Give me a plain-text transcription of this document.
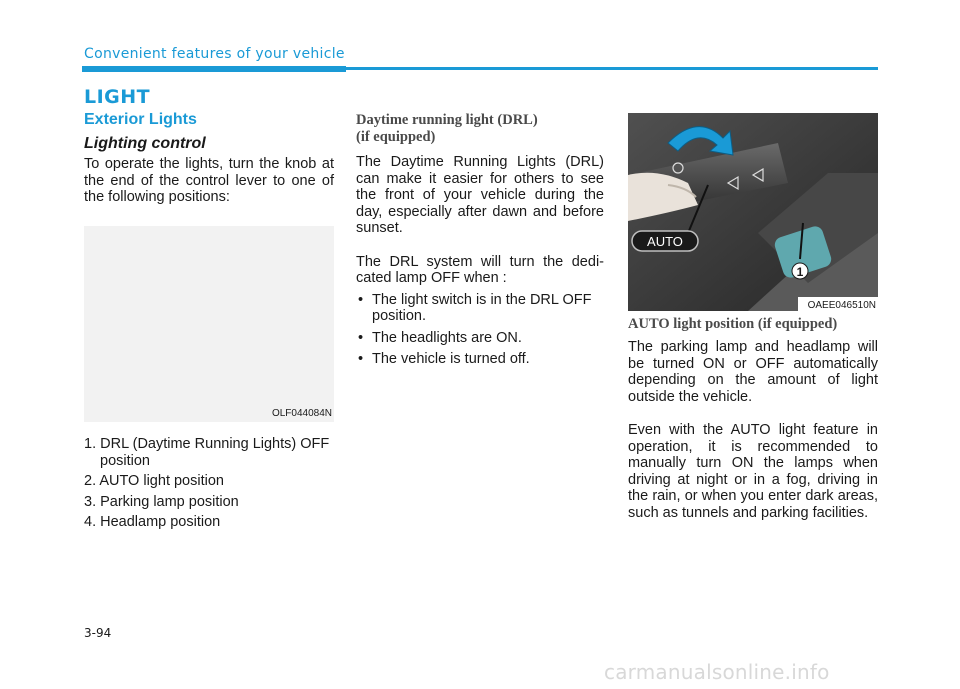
Convenient features of your vehicle
LIGHT
Exterior Lights
Lighting control

To operate the lights, turn the knob at the end of the control lever to one of the following positions:

OLF044084N
1. DRL (Daytime Running Lights) OFF position
2. AUTO light position
3. Parking lamp position
4. Headlamp position
Daytime running light (DRL)
(if equipped)

The Daytime Running Lights (DRL) can make it easier for others to see the front of your vehicle during the day, especially after dawn and before sunset.

The DRL system will turn the dedi-cated lamp OFF when :

• The light switch is in the DRL OFF position.
• The headlights are ON.
• The vehicle is turned off.
AUTO
1
OAEE046510N
AUTO light position (if equipped)

The parking lamp and headlamp will be turned ON or OFF automatically depending on the amount of light outside the vehicle.

Even with the AUTO light feature in operation, it is recommended to manually turn ON the lamps when driving at night or in a fog, driving in the rain, or when you enter dark areas, such as tunnels and parking facilities.

3-94
carmanualsonline.info
